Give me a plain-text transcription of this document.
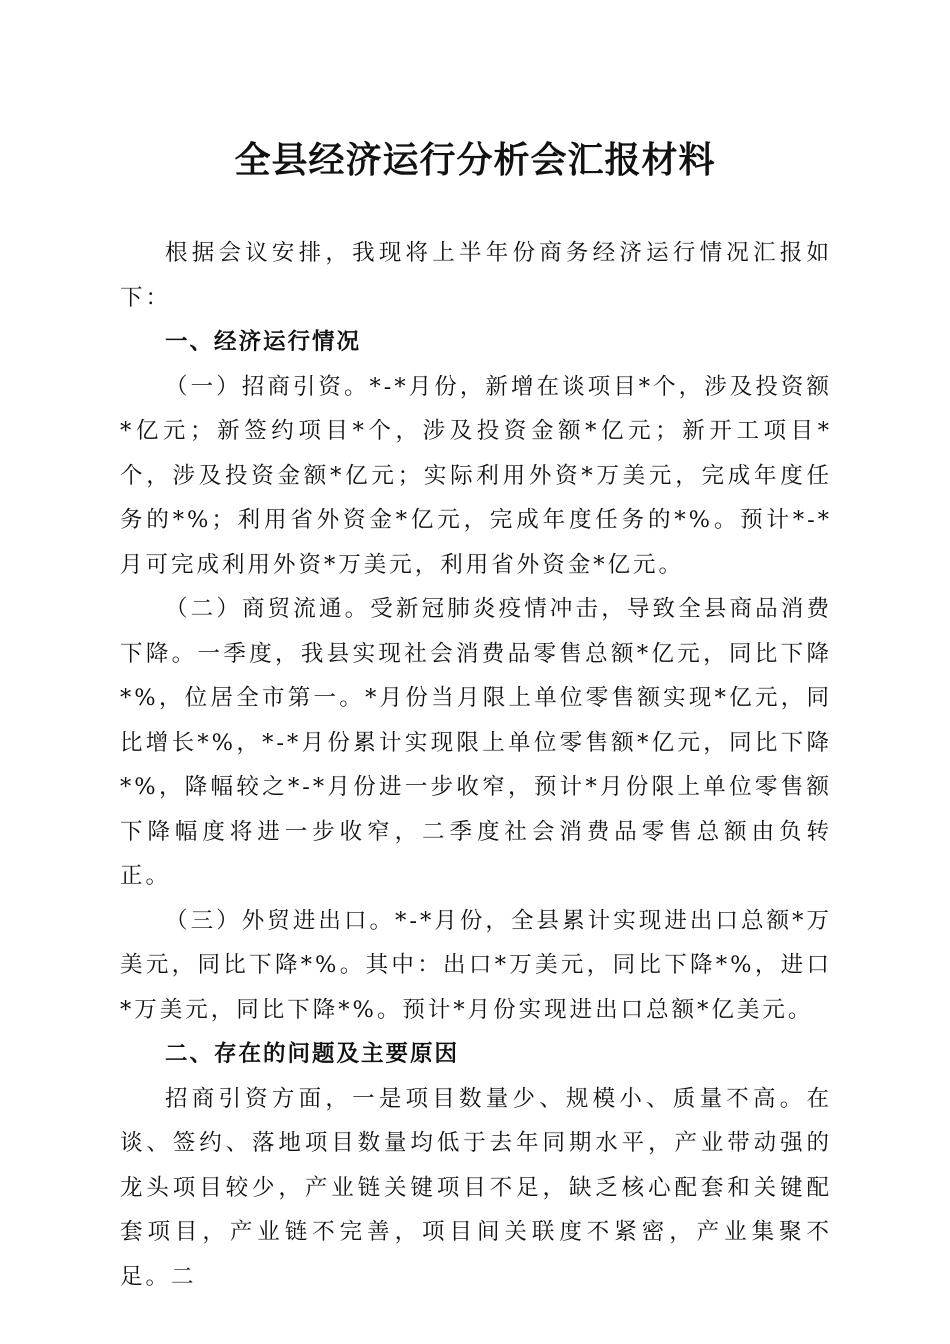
全县经济运行分析会汇报材料

根据会议安排，我现将上半年份商务经济运行情况汇报如下：

一、经济运行情况

（一）招商引资。*-*月份，新增在谈项目*个，涉及投资额*亿元；新签约项目*个，涉及投资金额*亿元；新开工项目*个，涉及投资金额*亿元；实际利用外资*万美元，完成年度任务的*%；利用省外资金*亿元，完成年度任务的*%。预计*-*月可完成利用外资*万美元，利用省外资金*亿元。

（二）商贸流通。受新冠肺炎疫情冲击，导致全县商品消费下降。一季度，我县实现社会消费品零售总额*亿元，同比下降*%，位居全市第一。*月份当月限上单位零售额实现*亿元，同比增长*%，*-*月份累计实现限上单位零售额*亿元，同比下降*%，降幅较之*-*月份进一步收窄，预计*月份限上单位零售额下降幅度将进一步收窄，二季度社会消费品零售总额由负转正。

（三）外贸进出口。*-*月份，全县累计实现进出口总额*万美元，同比下降*%。其中：出口*万美元，同比下降*%，进口*万美元，同比下降*%。预计*月份实现进出口总额*亿美元。

二、存在的问题及主要原因

招商引资方面，一是项目数量少、规模小、质量不高。在谈、签约、落地项目数量均低于去年同期水平，产业带动强的龙头项目较少，产业链关键项目不足，缺乏核心配套和关键配套项目，产业链不完善，项目间关联度不紧密，产业集聚不足。二
